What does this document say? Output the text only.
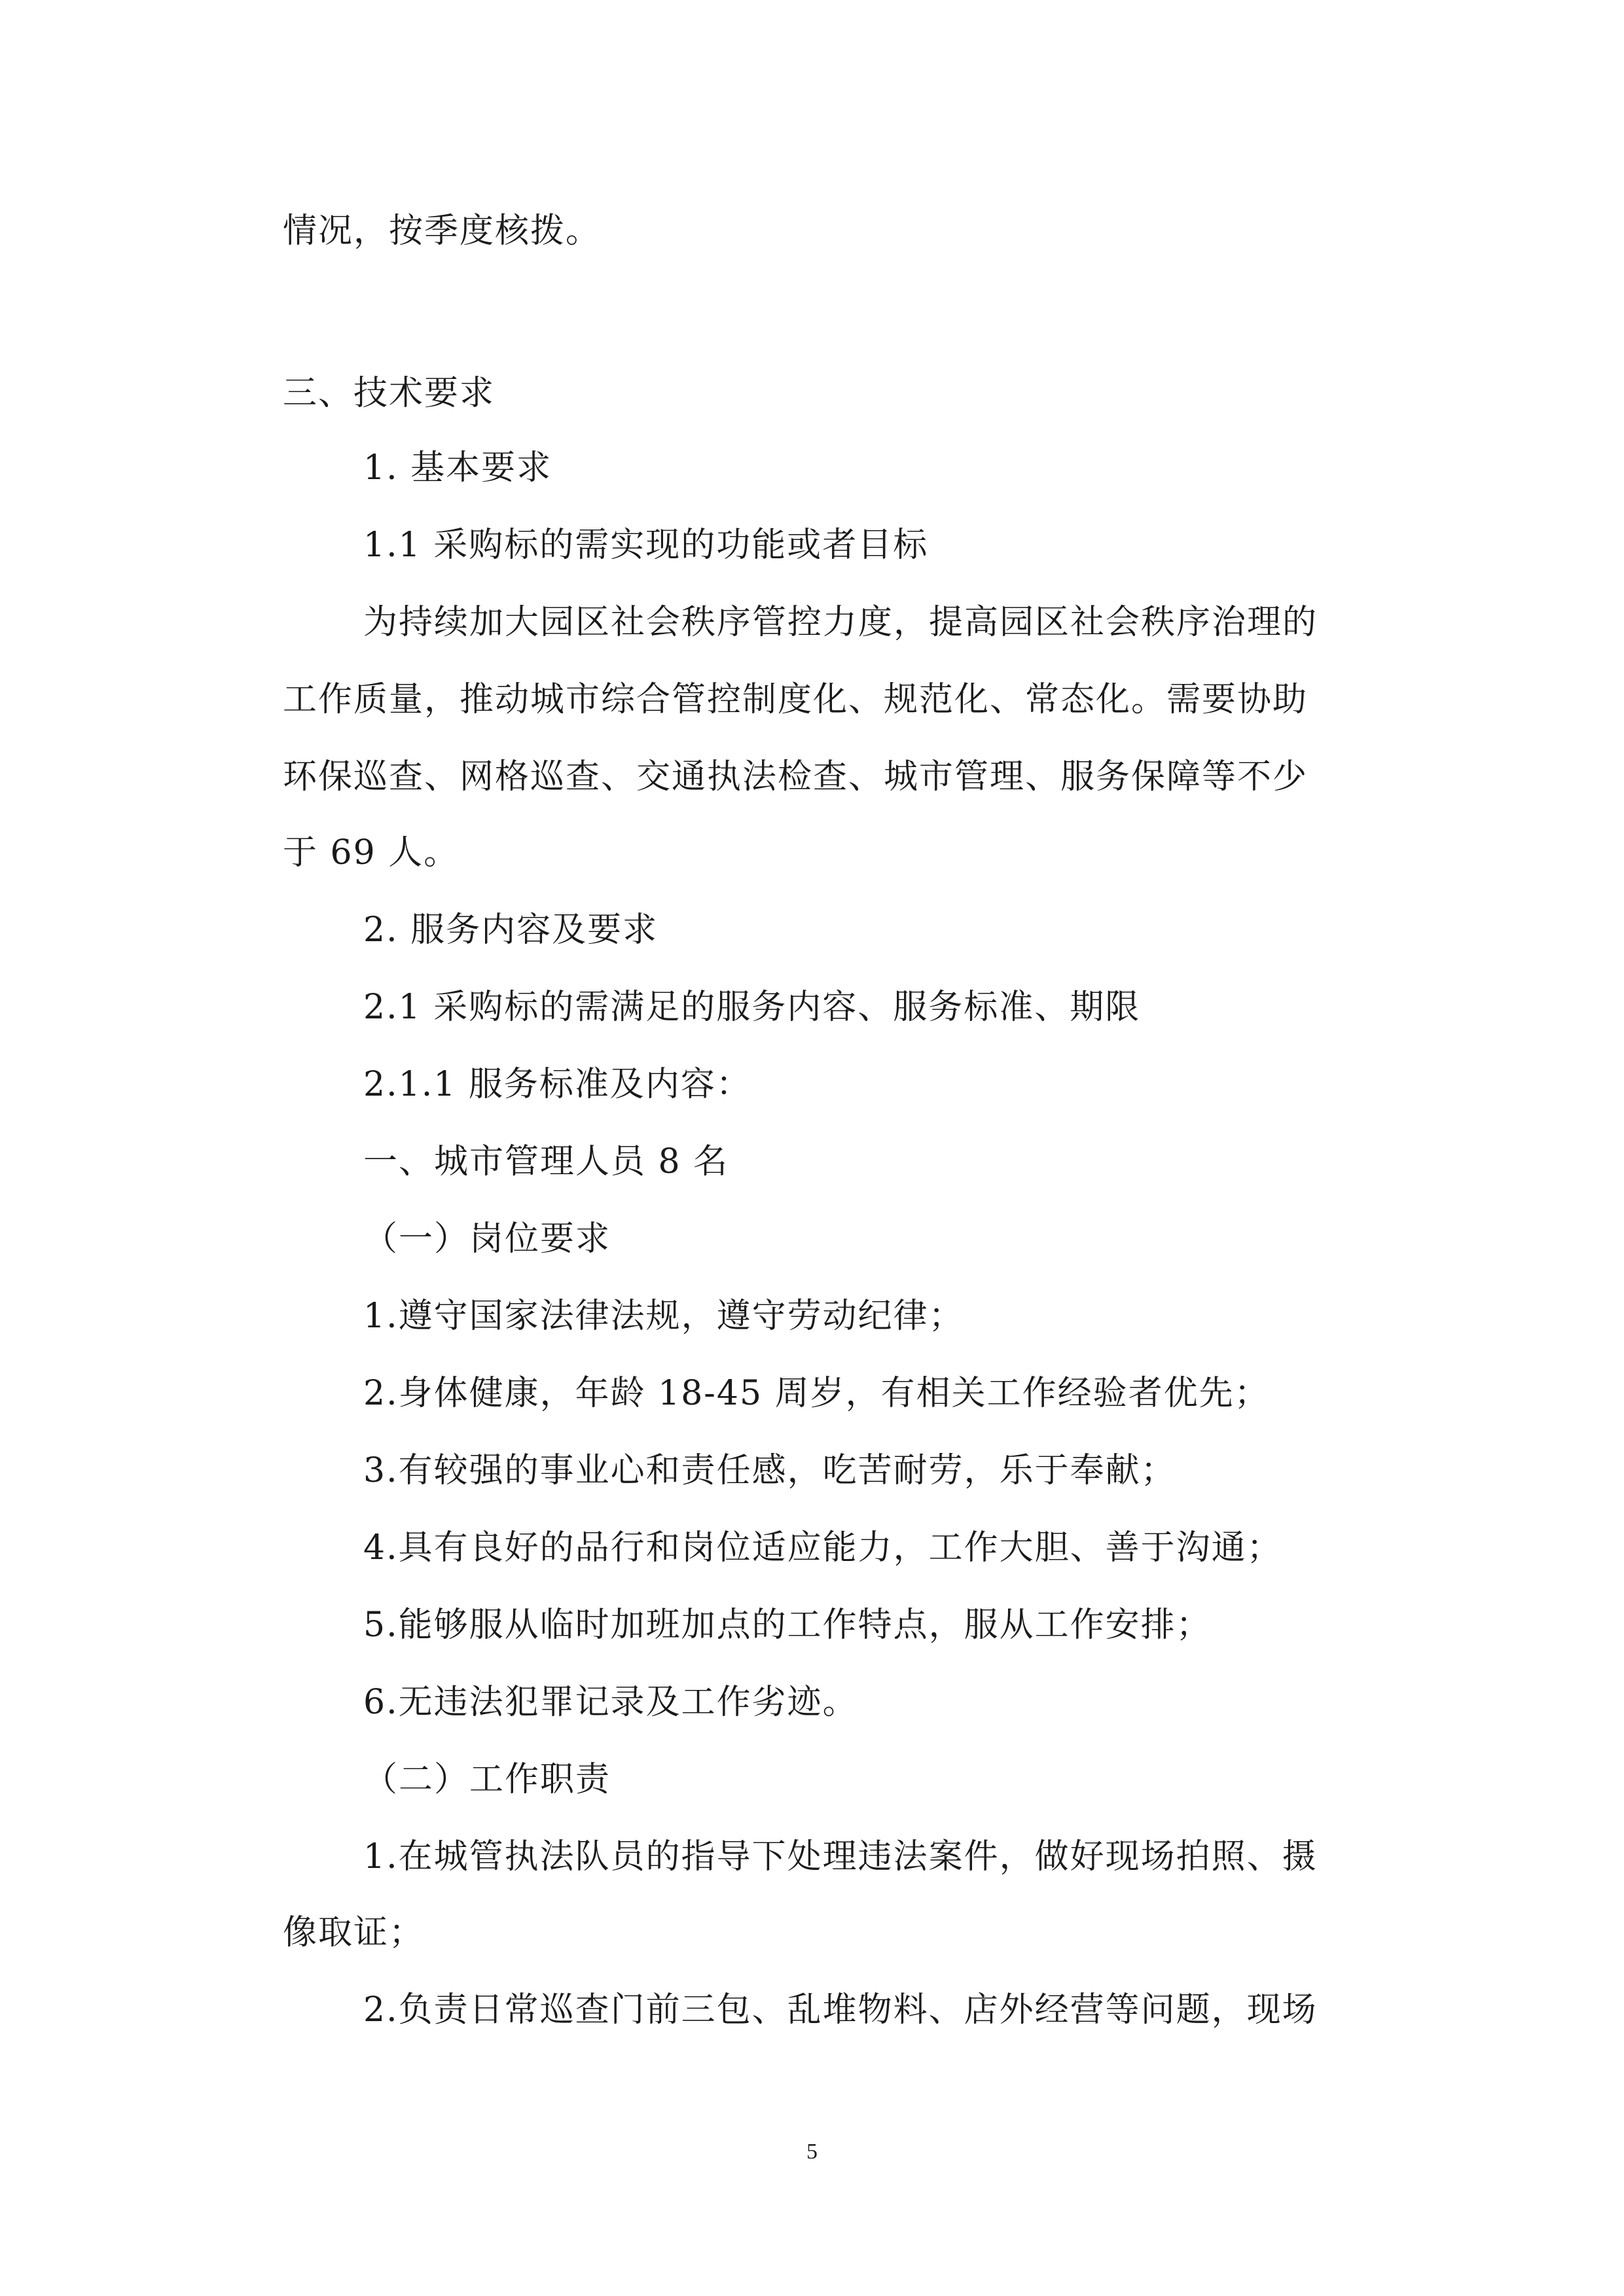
情况，按季度核拨。
三、技术要求
1. 基本要求
1.1 采购标的需实现的功能或者目标
为持续加大园区社会秩序管控力度，提高园区社会秩序治理的
工作质量，推动城市综合管控制度化、规范化、常态化。需要协助
环保巡查、网格巡查、交通执法检查、城市管理、服务保障等不少
于 69 人。
2. 服务内容及要求
2.1 采购标的需满足的服务内容、服务标准、期限
2.1.1 服务标准及内容：
一、城市管理人员 8 名
（一）岗位要求
1.遵守国家法律法规，遵守劳动纪律；
2.身体健康，年龄 18-45 周岁，有相关工作经验者优先；
3.有较强的事业心和责任感，吃苦耐劳，乐于奉献；
4.具有良好的品行和岗位适应能力，工作大胆、善于沟通；
5.能够服从临时加班加点的工作特点，服从工作安排；
6.无违法犯罪记录及工作劣迹。
（二）工作职责
1.在城管执法队员的指导下处理违法案件，做好现场拍照、摄
像取证；
2.负责日常巡查门前三包、乱堆物料、店外经营等问题，现场
5
